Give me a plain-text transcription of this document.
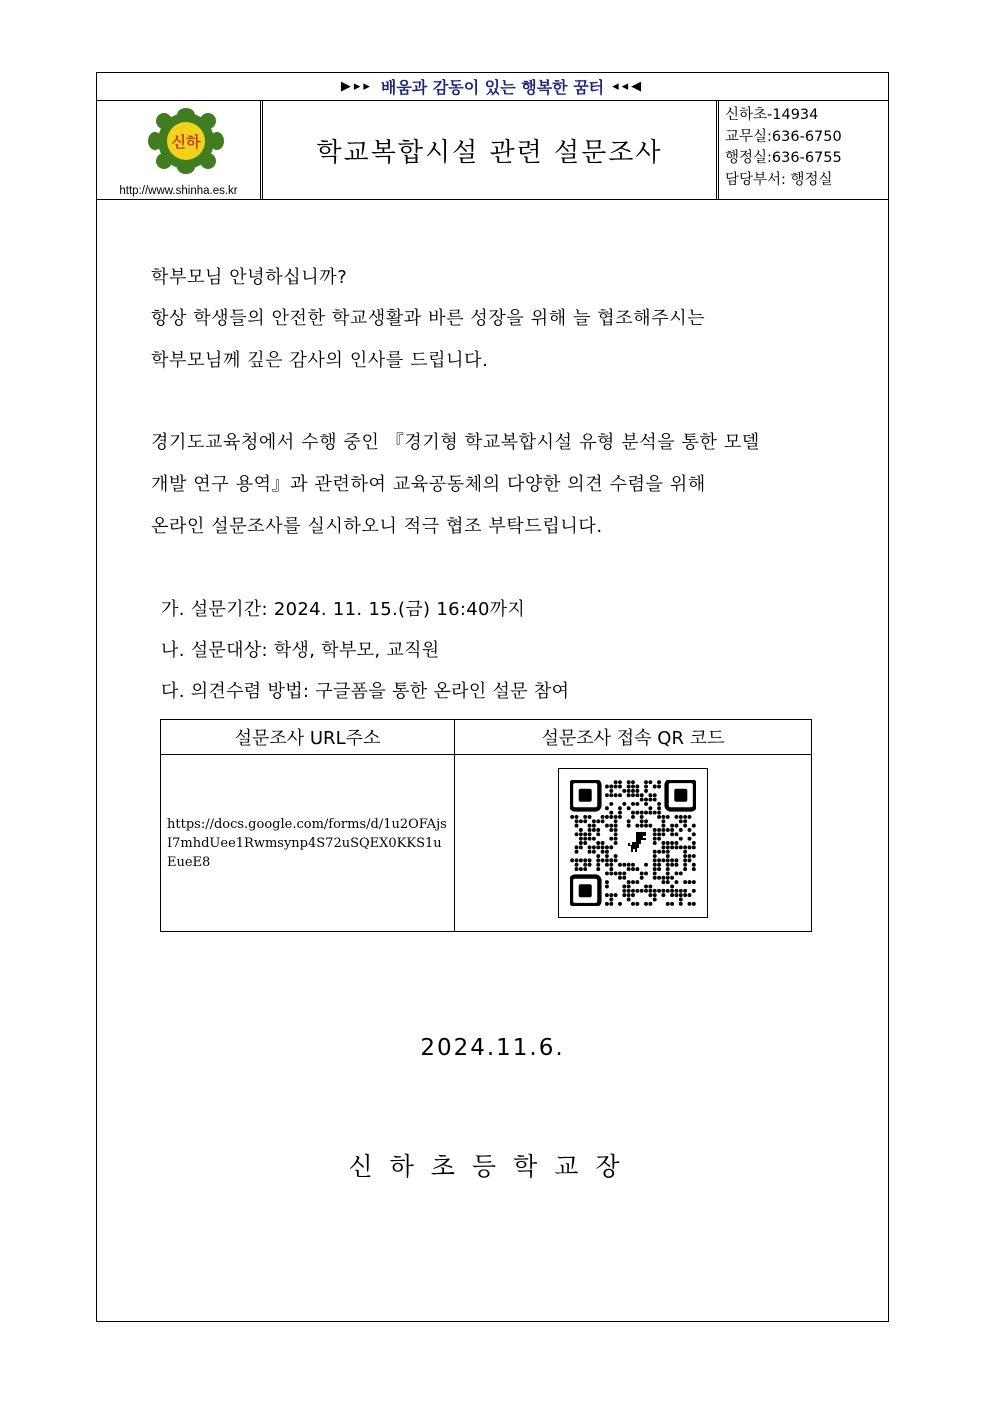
▶▸▸ 배움과 감동이 있는 행복한 꿈터 ◂◂◀
신하
http://www.shinha.es.kr
학교복합시설 관련 설문조사
신하초-14934
교무실:636-6750
행정실:636-6755
담당부서: 행정실
학부모님 안녕하십니까?
항상 학생들의 안전한 학교생활과 바른 성장을 위해 늘 협조해주시는
학부모님께 깊은 감사의 인사를 드립니다.
경기도교육청에서 수행 중인 『경기형 학교복합시설 유형 분석을 통한 모델
개발 연구 용역』과 관련하여 교육공동체의 다양한 의견 수렴을 위해
온라인 설문조사를 실시하오니 적극 협조 부탁드립니다.
가. 설문기간: 2024. 11. 15.(금) 16:40까지
나. 설문대상: 학생, 학부모, 교직원
다. 의견수렴 방법: 구글폼을 통한 온라인 설문 참여
설문조사 URL주소	설문조사 접속 QR 코드
https://docs.google.com/forms/d/1u2OFAjsI7mhdUee1Rwmsynp4S72uSQEX0KKS1uEueE8	
2024.11.6.
신하초등학교장
